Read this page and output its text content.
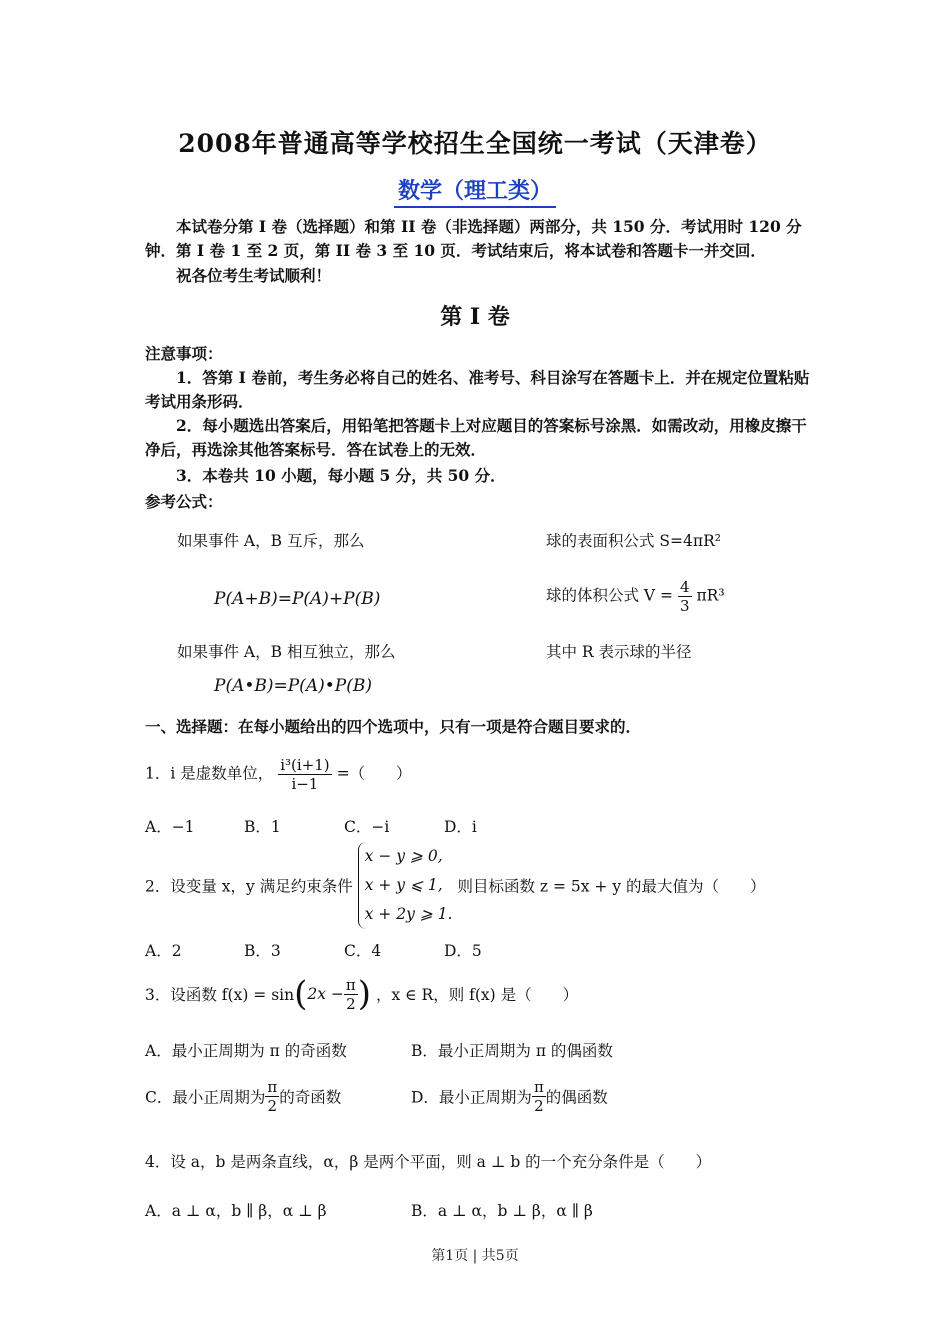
2008年普通高等学校招生全国统一考试（天津卷）
数学（理工类）
本试卷分第 I 卷（选择题）和第 II 卷（非选择题）两部分，共 150 分．考试用时 120 分钟．第 I 卷 1 至 2 页，第 II 卷 3 至 10 页．考试结束后，将本试卷和答题卡一并交回．
祝各位考生考试顺利！
第 I 卷
注意事项：
1．答第 I 卷前，考生务必将自己的姓名、准考号、科目涂写在答题卡上．并在规定位置粘贴考试用条形码．
2．每小题选出答案后，用铅笔把答题卡上对应题目的答案标号涂黑．如需改动，用橡皮擦干净后，再选涂其他答案标号．答在试卷上的无效．
3．本卷共 10 小题，每小题 5 分，共 50 分．
参考公式：
如果事件 A，B 互斥，那么
P(A+B)=P(A)+P(B)
如果事件 A，B 相互独立，那么
P(A•B)=P(A)•P(B)
球的表面积公式 S=4πR²
球的体积公式 $V = \frac{4}{3} \pi R^3$
其中 R 表示球的半径
一、选择题：在每小题给出的四个选项中，只有一项是符合题目要求的．
1．i 是虚数单位， $\frac{\text{i³(i+1)}}{i-1}$ =（　　）
A．−1	B．1	C．−i	D．i
2．设变量 x，y 满足约束条件
x − y ⩾ 0,
x + y ⩽ 1,
x + 2y ⩾ 1.
则目标函数 z = 5x + y 的最大值为（　　）
A．2	B．3	C．4	D．5
3．设函数 $f(x) = \sin(2x - \frac{\pi}{2}$ ) ，x ∈ R，则 f(x) 是（　　）
A．最小正周期为 π 的奇函数	B．最小正周期为 π 的偶函数
C．最小正周期为 $\frac{\pi}{2}$ 的奇函数	D．最小正周期为 $\frac{\pi}{2}$ 的偶函数
4．设 a，b 是两条直线，α，β 是两个平面，则 a ⊥ b 的一个充分条件是（　　）
A．a ⊥ α，b ∥ β，α ⊥ β	B．a ⊥ α，b ⊥ β，α ∥ β
第1页 | 共5页
